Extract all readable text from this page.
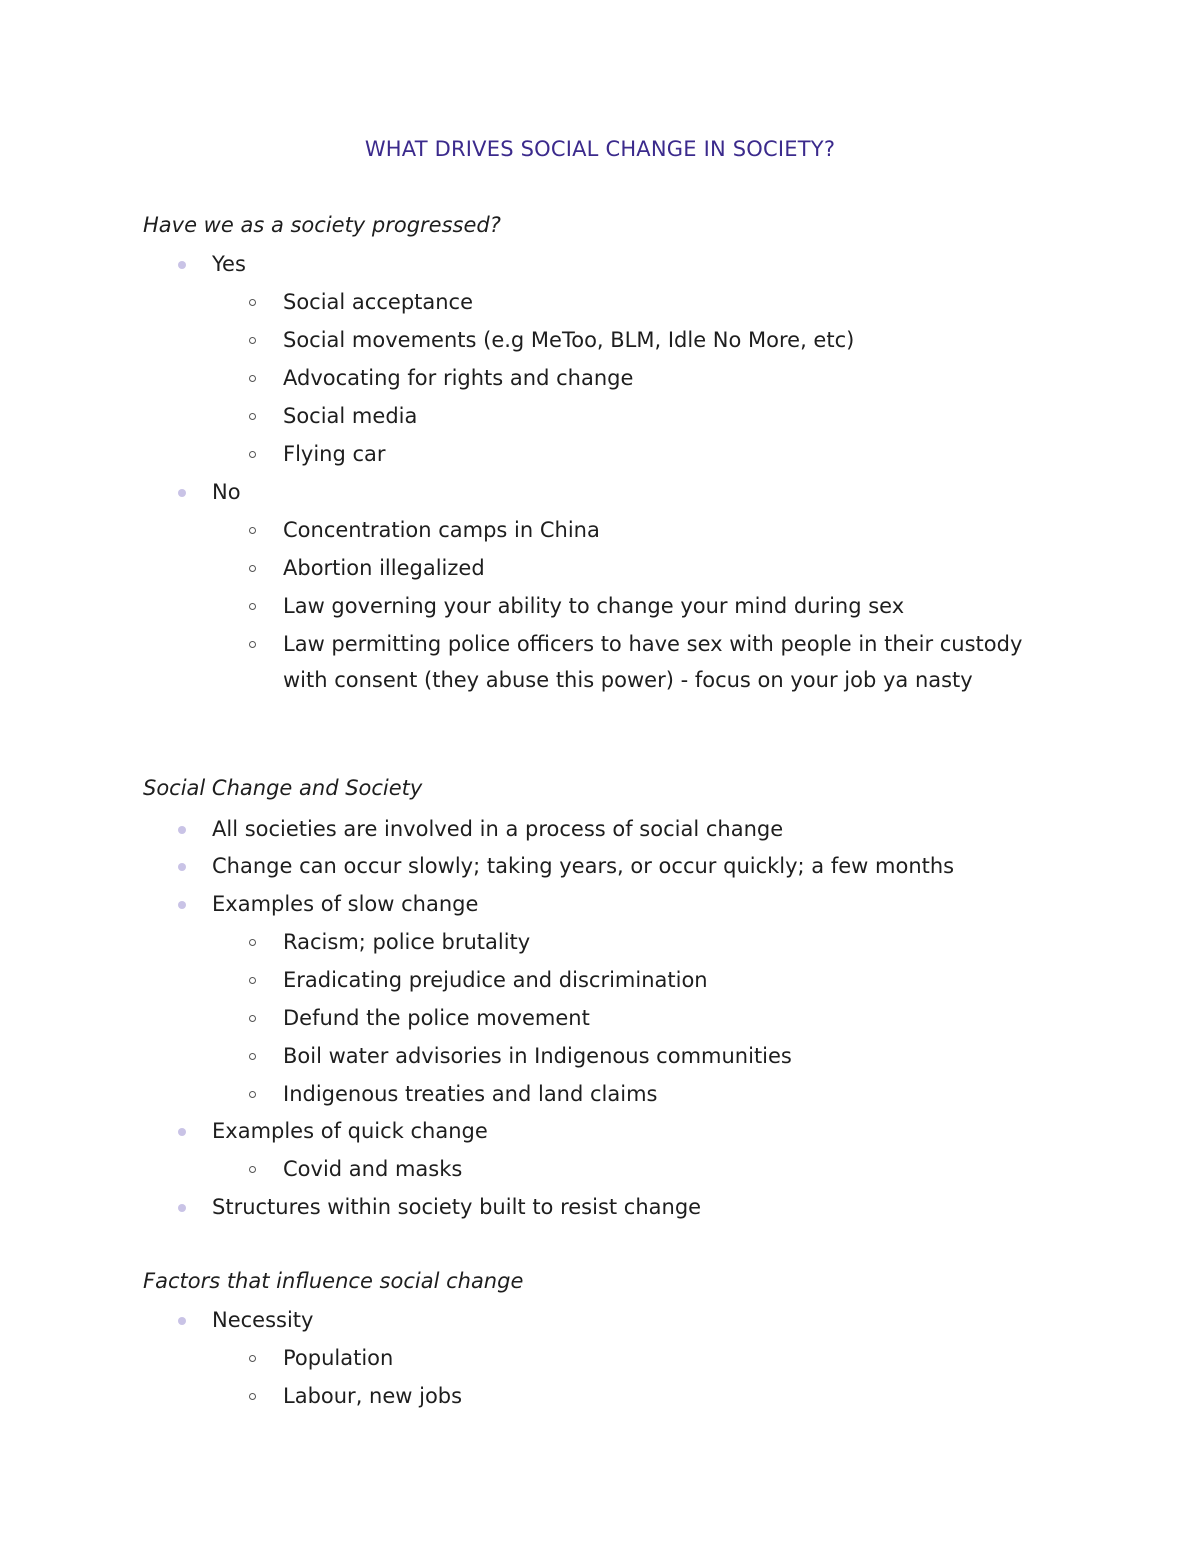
WHAT DRIVES SOCIAL CHANGE IN SOCIETY?
Have we as a society progressed?
Yes
Social acceptance
Social movements (e.g MeToo, BLM, Idle No More, etc)
Advocating for rights and change
Social media
Flying car
No
Concentration camps in China
Abortion illegalized
Law governing your ability to change your mind during sex
Law permitting police officers to have sex with people in their custody with consent (they abuse this power) - focus on your job ya nasty
Social Change and Society
All societies are involved in a process of social change
Change can occur slowly; taking years, or occur quickly; a few months
Examples of slow change
Racism; police brutality
Eradicating prejudice and discrimination
Defund the police movement
Boil water advisories in Indigenous communities
Indigenous treaties and land claims
Examples of quick change
Covid and masks
Structures within society built to resist change
Factors that influence social change
Necessity
Population
Labour, new jobs
